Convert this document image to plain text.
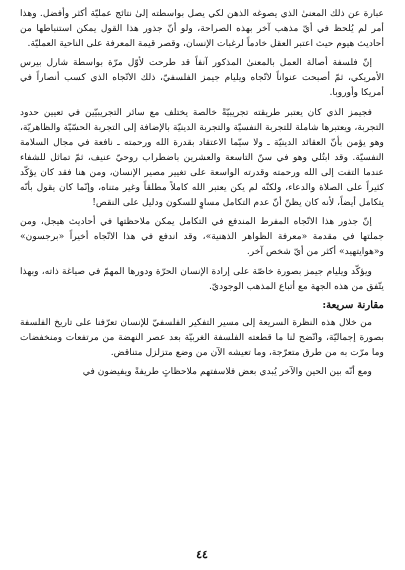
عبارة عن ذلك المعنىٰ الذي يصوغه الذهن لكي يصل بواسطته إلىٰ نتائج عمليّة أكثر وأفضل. وهذا أمر لم يُلحظ في أيّ مذهب آخر بهذه الصراحة، ولو أنّ جذور هذا القول يمكن استنباطها من أحاديث هيوم حيث اعتبر العقل خادماً لرغبات الإنسان، وقصر قيمة المعرفة على الناحية العمليّة.

إنّ فلسفة أصالة العمل بالمعنىٰ المذكور آنفاً قد طرحت لأوّل مرّة بواسطة شارل بيرس الأمريكي، ثمّ أصبحت عنواناً لاتّجاه ويليام جيمز الفلسفيّ، ذلك الاتّجاه الذي كسب أنصاراً في أمريكا وأوروبا.

فجيمز الذي كان يعتبر طريقته تجريبيّةً خالصة يختلف مع سائر التجريبيّين في تعيين حدود التجربة، ويعتبرها شاملة للتجربة النفسيّة والتجربة الدينيّة بالإضافة إلى التجربة الحسّيّة والظاهريّة، وهو يؤمن بأنّ العقائد الدينيّة ـ ولا سيّما الاعتقاد بقدرة الله ورحمته ـ نافعة في مجال السلامة النفسيّة. وقد ابتُلي وهو في سنّ التاسعة والعشرين باضطراب روحيّ عنيف، ثمّ تماثل للشفاء عندما التفت إلى الله ورحمته وقدرته الواسعة على تغيير مصير الإنسان، ومن هنا فقد كان يؤكّد كثيراً على الصلاة والدعاء، ولكنّه لم يكن يعتبر الله كاملاً مطلقاً وغير متناه، وإنّما كان يقول بأنّه يتكامل أيضاً، لأنه كان يظنّ أنّ عدم التكامل مساوٍ للسكون ودليل على النقص!

إنّ جذور هذا الاتّجاه المفرط المندفع في التكامل يمكن ملاحظتها في أحاديث هيجل، ومن جملتها في مقدمة «معرفة الظواهر الذهنية»، وقد اندفع في هذا الاتّجاه أخيراً «برجسون» و«هوايتهيد» أكثر من أيّ شخص آخر.

ويؤكّد ويليام جيمز بصورة خاصّة على إرادة الإنسان الحرّة ودورها المهمّ في صياغة ذاته، وبهذا يتّفق من هذه الجهة مع أتباع المذهب الوجوديّ.

مقارنة سريعة:

من خلال هذه النظرة السريعة إلى مسير التفكير الفلسفيّ للإنسان تعرّفنا على تاريخ الفلسفة بصورة إجماليّة، واتّضح لنا ما قطعته الفلسفة الغربيّة بعد عصر النهضة من مرتفعات ومنخفضات وما مرّت به من طرق متعرّجة، وما تعيشه الآن من وضع متزلزل متناقض.

ومع أنّه بين الحين والآخر يُبدي بعض فلاسفتهم ملاحظاتٍ طريفةً ويفيضون في

٤٤
